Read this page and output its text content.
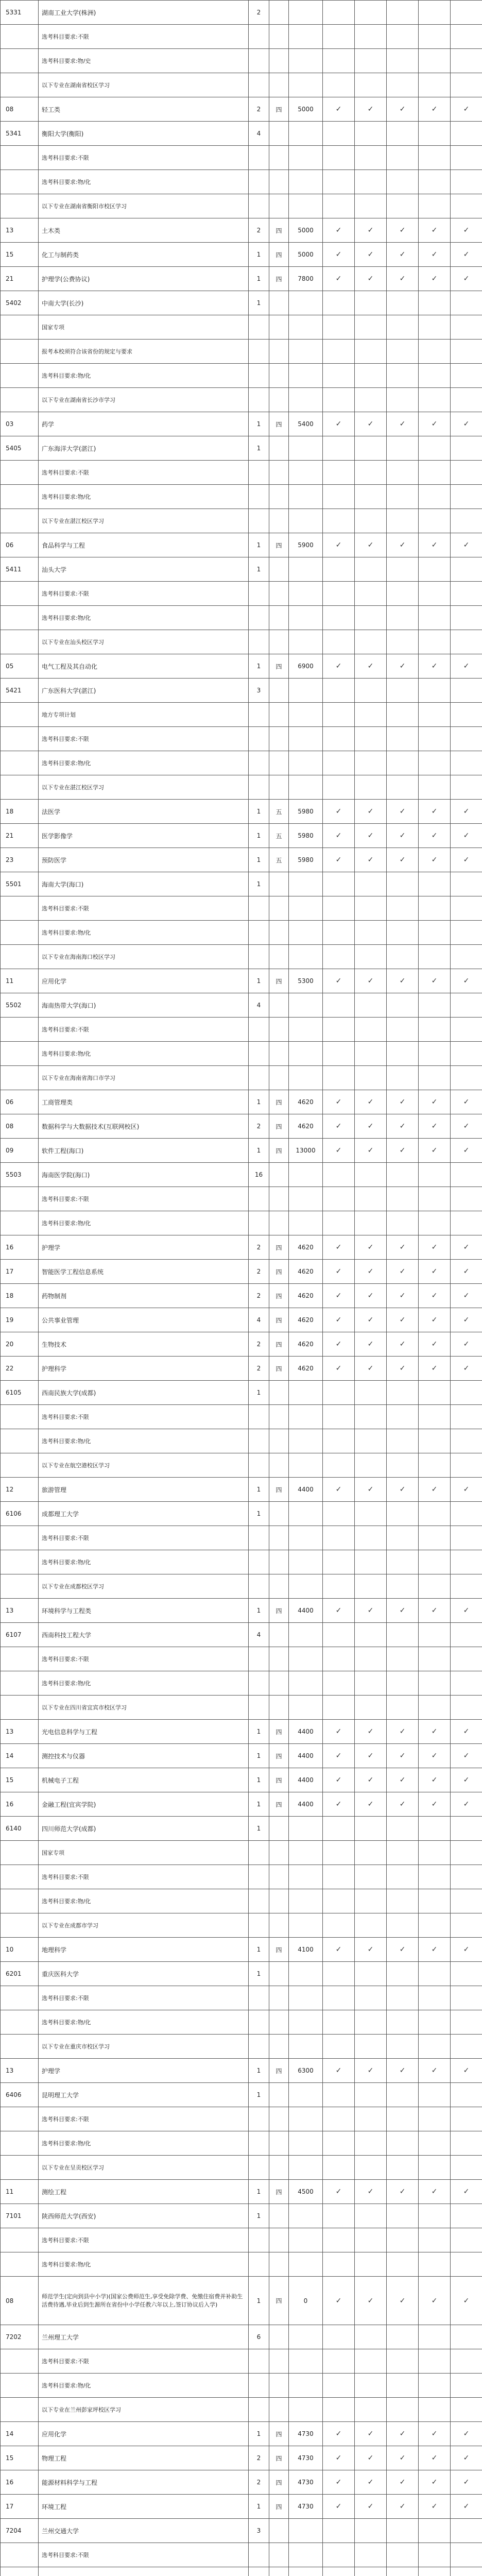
5331	湖南工业大学(株洲)	2							
	选考科目要求:不限								
	选考科目要求:物/史								
	以下专业在湖南省校区学习								
08	轻工类	2	四	5000	✓	✓	✓	✓	✓
5341	衡阳大学(衡阳)	4							
	选考科目要求:不限								
	选考科目要求:物/化								
	以下专业在湖南省衡阳市校区学习								
13	土木类	2	四	5000	✓	✓	✓	✓	✓
15	化工与制药类	1	四	5000	✓	✓	✓	✓	✓
21	护理学(公费协议)	1	四	7800	✓	✓	✓	✓	✓
5402	中南大学(长沙)	1							
	国家专项								
	报考本校须符合该省份的规定与要求								
	选考科目要求:物/化								
	以下专业在湖南省长沙市学习								
03	药学	1	四	5400	✓	✓	✓	✓	✓
5405	广东海洋大学(湛江)	1							
	选考科目要求:不限								
	选考科目要求:物/化								
	以下专业在湛江校区学习								
06	食品科学与工程	1	四	5900	✓	✓	✓	✓	✓
5411	汕头大学	1							
	选考科目要求:不限								
	选考科目要求:物/化								
	以下专业在汕头校区学习								
05	电气工程及其自动化	1	四	6900	✓	✓	✓	✓	✓
5421	广东医科大学(湛江)	3							
	地方专项计划								
	选考科目要求:不限								
	选考科目要求:物/化								
	以下专业在湛江校区学习								
18	法医学	1	五	5980	✓	✓	✓	✓	✓
21	医学影像学	1	五	5980	✓	✓	✓	✓	✓
23	预防医学	1	五	5980	✓	✓	✓	✓	✓
5501	海南大学(海口)	1							
	选考科目要求:不限								
	选考科目要求:物/化								
	以下专业在海南海口校区学习								
11	应用化学	1	四	5300	✓	✓	✓	✓	✓
5502	海南热带大学(海口)	4							
	选考科目要求:不限								
	选考科目要求:物/化								
	以下专业在海南省海口市学习								
06	工商管理类	1	四	4620	✓	✓	✓	✓	✓
08	数据科学与大数据技术(互联网校区)	2	四	4620	✓	✓	✓	✓	✓
09	软件工程(海口)	1	四	13000	✓	✓	✓	✓	✓
5503	海南医学院(海口)	16							
	选考科目要求:不限								
	选考科目要求:物/化								
16	护理学	2	四	4620	✓	✓	✓	✓	✓
17	智能医学工程信息系统	2	四	4620	✓	✓	✓	✓	✓
18	药物制剂	2	四	4620	✓	✓	✓	✓	✓
19	公共事业管理	4	四	4620	✓	✓	✓	✓	✓
20	生物技术	2	四	4620	✓	✓	✓	✓	✓
22	护理科学	2	四	4620	✓	✓	✓	✓	✓
6105	西南民族大学(成都)	1							
	选考科目要求:不限								
	选考科目要求:物/化								
	以下专业在航空港校区学习								
12	旅游管理	1	四	4400	✓	✓	✓	✓	✓
6106	成都理工大学	1							
	选考科目要求:不限								
	选考科目要求:物/化								
	以下专业在成都校区学习								
13	环境科学与工程类	1	四	4400	✓	✓	✓	✓	✓
6107	西南科技工程大学	4							
	选考科目要求:不限								
	选考科目要求:物/化								
	以下专业在四川省宜宾市校区学习								
13	光电信息科学与工程	1	四	4400	✓	✓	✓	✓	✓
14	测控技术与仪器	1	四	4400	✓	✓	✓	✓	✓
15	机械电子工程	1	四	4400	✓	✓	✓	✓	✓
16	金融工程(宜宾学院)	1	四	4400	✓	✓	✓	✓	✓
6140	四川师范大学(成都)	1							
	国家专项								
	选考科目要求:不限								
	选考科目要求:物/化								
	以下专业在成都市学习								
10	地理科学	1	四	4100	✓	✓	✓	✓	✓
6201	重庆医科大学	1							
	选考科目要求:不限								
	选考科目要求:物/化								
	以下专业在重庆市校区学习								
13	护理学	1	四	6300	✓	✓	✓	✓	✓
6406	昆明理工大学	1							
	选考科目要求:不限								
	选考科目要求:物/化								
	以下专业在呈贡校区学习								
11	测绘工程	1	四	4500	✓	✓	✓	✓	✓
7101	陕西师范大学(西安)	1							
	选考科目要求:不限								
	选考科目要求:物/化								
08	师范学生(定向到县中小学)(国家公费师范生,享受免除学费、免缴住宿费并补助生活费待遇,毕业后到生源所在省份中小学任教六年以上,签订协议后入学)	1	四	0	✓	✓	✓	✓	✓
7202	兰州理工大学	6							
	选考科目要求:不限								
	选考科目要求:物/化								
	以下专业在兰州彭家坪校区学习								
14	应用化学	1	四	4730	✓	✓	✓	✓	✓
15	物理工程	2	四	4730	✓	✓	✓	✓	✓
16	能源材料科学与工程	2	四	4730	✓	✓	✓	✓	✓
17	环境工程	1	四	4730	✓	✓	✓	✓	✓
7204	兰州交通大学	3							
	选考科目要求:不限								
